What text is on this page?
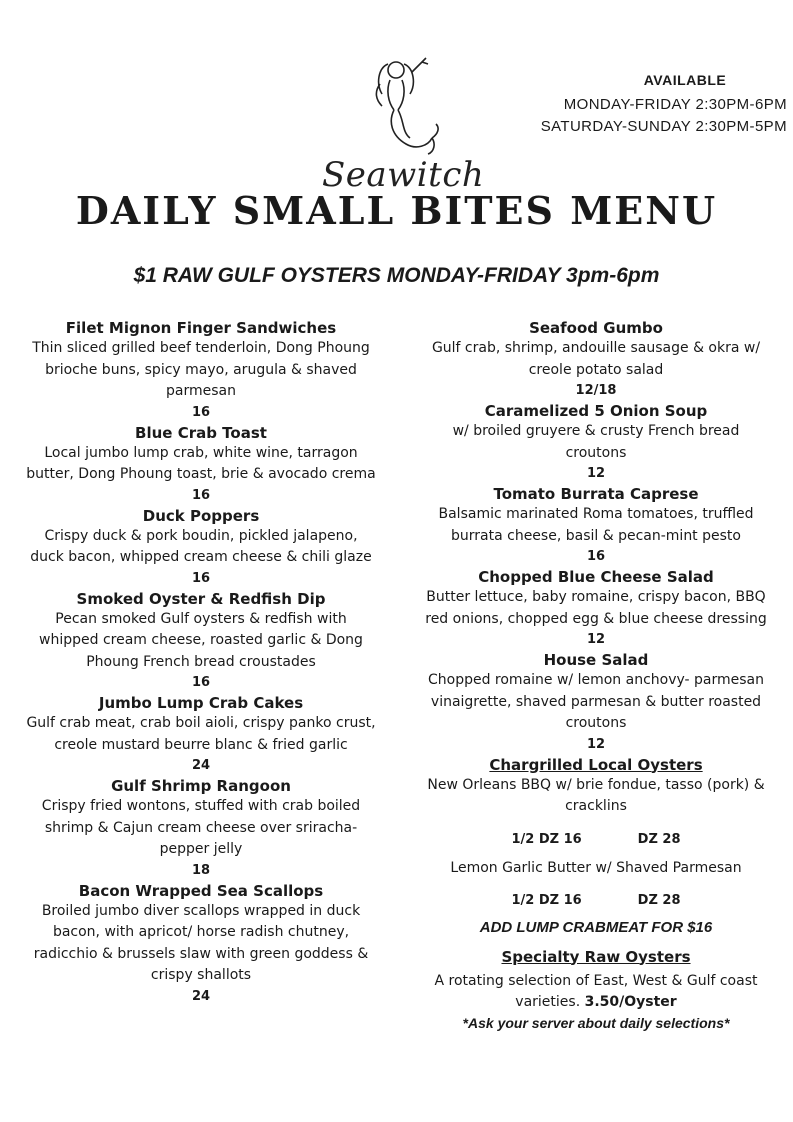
Seawitch
AVAILABLE
MONDAY-FRIDAY 2:30PM-6PM
SATURDAY-SUNDAY 2:30PM-5PM
DAILY SMALL BITES MENU
$1 RAW GULF OYSTERS MONDAY-FRIDAY 3pm-6pm
Filet Mignon Finger Sandwiches
Thin sliced grilled beef tenderloin, Dong Phoung brioche buns, spicy mayo, arugula & shaved parmesan
16
Blue Crab Toast
Local jumbo lump crab, white wine, tarragon butter, Dong Phoung toast, brie & avocado crema
16
Duck Poppers
Crispy duck & pork boudin, pickled jalapeno, duck bacon, whipped cream cheese & chili glaze
16
Smoked Oyster & Redfish Dip
Pecan smoked Gulf oysters & redfish with whipped cream cheese, roasted garlic & Dong Phoung French bread croustades
16
Jumbo Lump Crab Cakes
Gulf crab meat, crab boil aioli, crispy panko crust, creole mustard beurre blanc & fried garlic
24
Gulf Shrimp Rangoon
Crispy fried wontons, stuffed with crab boiled shrimp & Cajun cream cheese over sriracha- pepper jelly
18
Bacon Wrapped Sea Scallops
Broiled jumbo diver scallops wrapped in duck bacon, with apricot/ horse radish chutney, radicchio & brussels slaw with green goddess & crispy shallots
24
Seafood Gumbo
Gulf crab, shrimp, andouille sausage & okra w/ creole potato salad
12/18
Caramelized 5 Onion Soup
w/ broiled gruyere & crusty French bread croutons
12
Tomato Burrata Caprese
Balsamic marinated Roma tomatoes, truffled burrata cheese, basil & pecan-mint pesto
16
Chopped Blue Cheese Salad
Butter lettuce, baby romaine, crispy bacon, BBQ red onions, chopped egg & blue cheese dressing
12
House Salad
Chopped romaine w/ lemon anchovy- parmesan vinaigrette, shaved parmesan & butter roasted croutons
12
Chargrilled Local Oysters
New Orleans BBQ w/ brie fondue, tasso (pork) & cracklins
1/2 DZ 16	DZ 28
Lemon Garlic Butter w/ Shaved Parmesan
1/2 DZ 16	DZ 28
ADD LUMP CRABMEAT FOR $16
Specialty Raw Oysters
A rotating selection of East, West & Gulf coast varieties. 3.50/Oyster
*Ask your server about daily selections*
